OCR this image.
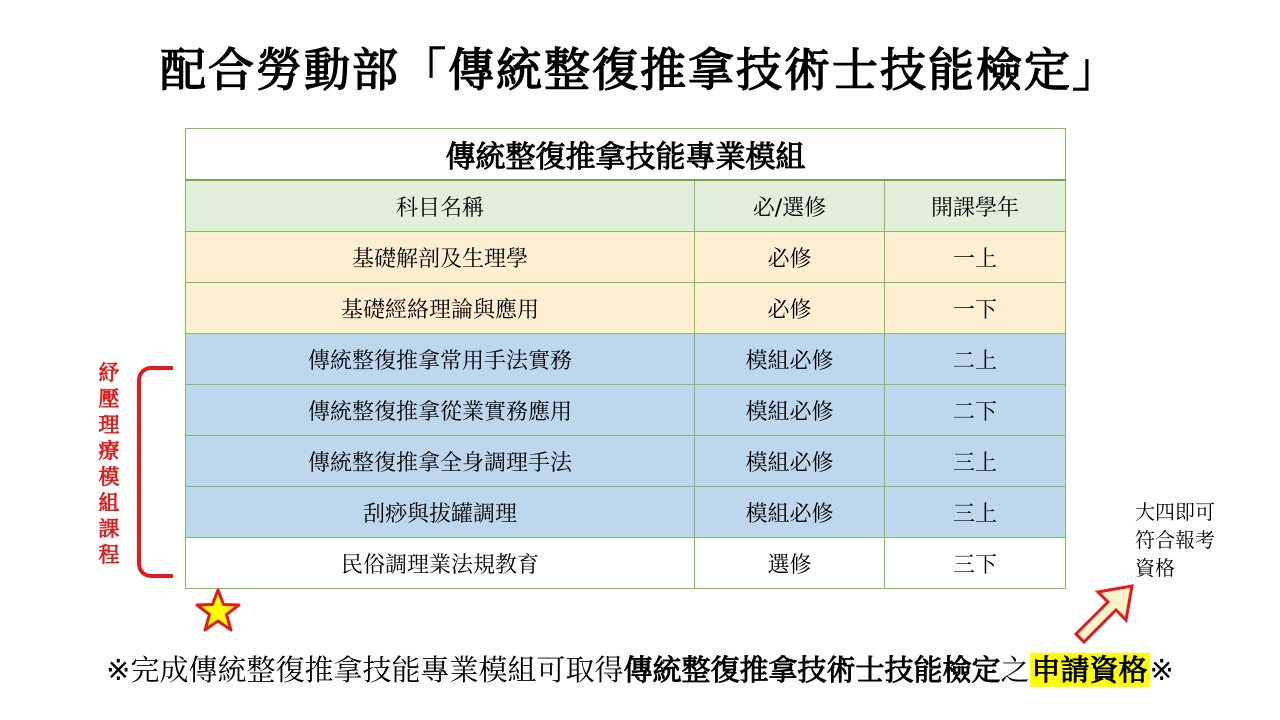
配合勞動部「傳統整復推拿技術士技能檢定」
傳統整復推拿技能專業模組		
科目名稱	必/選修	開課學年
基礎解剖及生理學	必修	一上
基礎經絡理論與應用	必修	一下
傳統整復推拿常用手法實務	模組必修	二上
傳統整復推拿從業實務應用	模組必修	二下
傳統整復推拿全身調理手法	模組必修	三上
刮痧與拔罐調理	模組必修	三上
民俗調理業法規教育	選修	三下
紓
壓
理
療
模
組
課
程
大四即可
符合報考
資格
※完成傳統整復推拿技能專業模組可取得傳統整復推拿技術士技能檢定之申請資格※
